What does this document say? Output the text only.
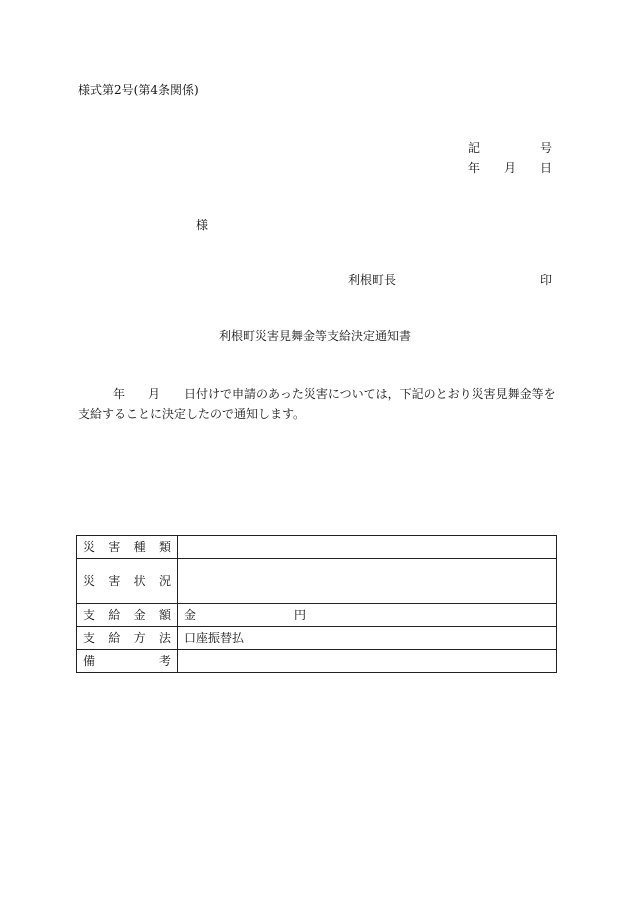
様式第2号(第4条関係)
記	号
年 月 日
様
利根町長	印
利根町災害見舞金等支給決定通知書
年 月 日付けで申請のあった災害については，下記のとおり災害見舞金等を
支給することに決定したので通知します。
災 害 種 類	

災 害 状 況	

支 給 金 額	金 円

支 給 方 法	口座振替払

備 考	
